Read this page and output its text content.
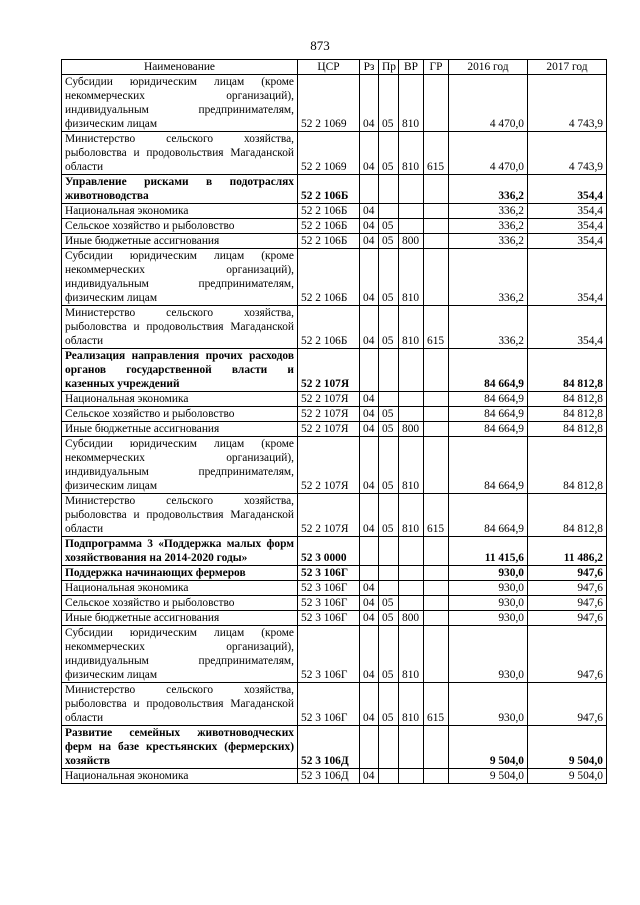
873
Наименование	ЦСР	Рз	Пр	ВР	ГР	2016 год	2017 год
Субсидии юридическим лицам (кроме некоммерческих организаций), индивидуальным предпринимателям, физическим лицам	52 2 1069	04	05	810		4 470,0	4 743,9
Министерство сельского хозяйства, рыболовства и продовольствия Магаданской области	52 2 1069	04	05	810	615	4 470,0	4 743,9
Управление рисками в подотраслях животноводства	52 2 106Б					336,2	354,4
Национальная экономика	52 2 106Б	04				336,2	354,4
Сельское хозяйство и рыболовство	52 2 106Б	04	05			336,2	354,4
Иные бюджетные ассигнования	52 2 106Б	04	05	800		336,2	354,4
Субсидии юридическим лицам (кроме некоммерческих организаций), индивидуальным предпринимателям, физическим лицам	52 2 106Б	04	05	810		336,2	354,4
Министерство сельского хозяйства, рыболовства и продовольствия Магаданской области	52 2 106Б	04	05	810	615	336,2	354,4
Реализация направления прочих расходов органов государственной власти и казенных учреждений	52 2 107Я					84 664,9	84 812,8
Национальная экономика	52 2 107Я	04				84 664,9	84 812,8
Сельское хозяйство и рыболовство	52 2 107Я	04	05			84 664,9	84 812,8
Иные бюджетные ассигнования	52 2 107Я	04	05	800		84 664,9	84 812,8
Субсидии юридическим лицам (кроме некоммерческих организаций), индивидуальным предпринимателям, физическим лицам	52 2 107Я	04	05	810		84 664,9	84 812,8
Министерство сельского хозяйства, рыболовства и продовольствия Магаданской области	52 2 107Я	04	05	810	615	84 664,9	84 812,8
Подпрограмма 3 «Поддержка малых форм хозяйствования на 2014-2020 годы»	52 3 0000					11 415,6	11 486,2
Поддержка начинающих фермеров	52 3 106Г					930,0	947,6
Национальная экономика	52 3 106Г	04				930,0	947,6
Сельское хозяйство и рыболовство	52 3 106Г	04	05			930,0	947,6
Иные бюджетные ассигнования	52 3 106Г	04	05	800		930,0	947,6
Субсидии юридическим лицам (кроме некоммерческих организаций), индивидуальным предпринимателям, физическим лицам	52 3 106Г	04	05	810		930,0	947,6
Министерство сельского хозяйства, рыболовства и продовольствия Магаданской области	52 3 106Г	04	05	810	615	930,0	947,6
Развитие семейных животноводческих ферм на базе крестьянских (фермерских) хозяйств	52 3 106Д					9 504,0	9 504,0
Национальная экономика	52 3 106Д	04				9 504,0	9 504,0
